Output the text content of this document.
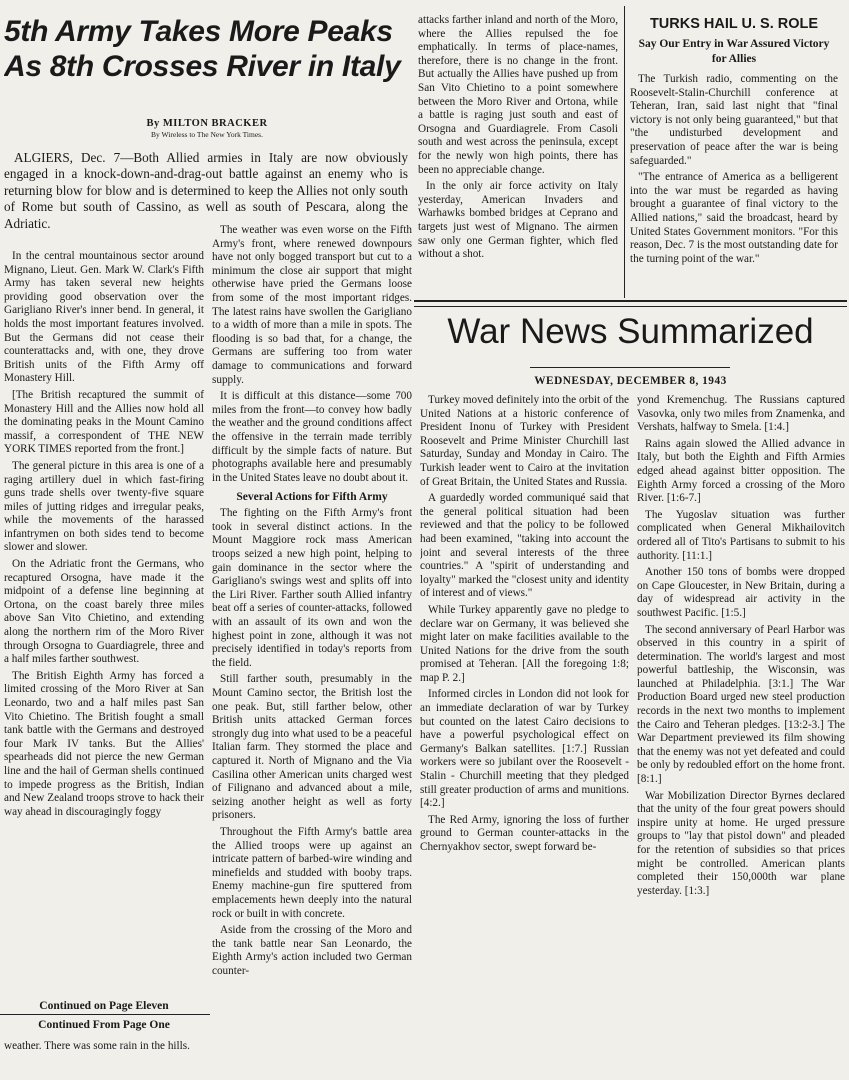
5th Army Takes More Peaks
As 8th Crosses River in Italy
By MILTON BRACKER
By Wireless to The New York Times.

ALGIERS, Dec. 7—Both Allied armies in Italy are now obviously engaged in a knock-down-and-drag-out battle against an enemy who is returning blow for blow and is determined to keep the Allies not only south of Rome but south of Cassino, as well as south of Pescara, along the Adriatic.

In the central mountainous sector around Mignano, Lieut. Gen. Mark W. Clark's Fifth Army has taken several new heights providing good observation over the Garigliano River's inner bend. In general, it holds the most important features involved. But the Germans did not cease their counterattacks and, with one, they drove British units of the Fifth Army off Monastery Hill.

[The British recaptured the summit of Monastery Hill and the Allies now hold all the dominating peaks in the Mount Camino massif, a correspondent of THE NEW YORK TIMES reported from the front.]

The general picture in this area is one of a raging artillery duel in which fast-firing guns trade shells over twenty-five square miles of jutting ridges and irregular peaks, while the movements of the harassed infantrymen on both sides tend to become slower and slower.

On the Adriatic front the Germans, who recaptured Orsogna, have made it the midpoint of a defense line beginning at Ortona, on the coast barely three miles above San Vito Chietino, and extending along the northern rim of the Moro River through Orsogna to Guardiagrele, three and a half miles farther southwest.

The British Eighth Army has forced a limited crossing of the Moro River at San Leonardo, two and a half miles past San Vito Chietino. The British fought a small tank battle with the Germans and destroyed four Mark IV tanks. But the Allies' spearheads did not pierce the new German line and the hail of German shells continued to impede progress as the British, Indian and New Zealand troops strove to hack their way ahead in discouragingly foggy

Continued on Page Eleven
Continued From Page One

weather. There was some rain in the hills.

The weather was even worse on the Fifth Army's front, where renewed downpours have not only bogged transport but cut to a minimum the close air support that might otherwise have pried the Germans loose from some of the most important ridges. The latest rains have swollen the Garigliano to a width of more than a mile in spots. The flooding is so bad that, for a change, the Germans are suffering too from water damage to communications and forward supply.

It is difficult at this distance—some 700 miles from the front—to convey how badly the weather and the ground conditions affect the offensive in the terrain made terribly difficult by the simple facts of nature. But photographs available here and presumably in the United States leave no doubt about it.

Several Actions for Fifth Army

The fighting on the Fifth Army's front took in several distinct actions. In the Mount Maggiore rock mass American troops seized a new high point, helping to gain dominance in the sector where the Garigliano's swings west and splits off into the Liri River. Farther south Allied infantry beat off a series of counter-attacks, followed with an assault of its own and won the highest point in zone, although it was not precisely identified in today's reports from the field.

Still farther south, presumably in the Mount Camino sector, the British lost the one peak. But, still farther below, other British units attacked German forces strongly dug into what used to be a peaceful Italian farm. They stormed the place and captured it. North of Mignano and the Via Casilina other American units charged west of Filignano and advanced about a mile, seizing another height as well as forty prisoners.

Throughout the Fifth Army's battle area the Allied troops were up against an intricate pattern of barbed-wire winding and minefields and studded with booby traps. Enemy machine-gun fire sputtered from emplacements hewn deeply into the natural rock or built in with concrete.

Aside from the crossing of the Moro and the tank battle near San Leonardo, the Eighth Army's action included two German counter-

attacks farther inland and north of the Moro, where the Allies repulsed the foe emphatically. In terms of place-names, therefore, there is no change in the front. But actually the Allies have pushed up from San Vito Chietino to a point somewhere between the Moro River and Ortona, while a battle is raging just south and east of Orsogna and Guardiagrele. From Casoli south and west across the peninsula, except for the newly won high points, there has been no appreciable change.

In the only air force activity on Italy yesterday, American Invaders and Warhawks bombed bridges at Ceprano and targets just west of Mignano. The airmen saw only one German fighter, which fled without a shot.

TURKS HAIL U. S. ROLE
Say Our Entry in War Assured Victory for Allies

The Turkish radio, commenting on the Roosevelt-Stalin-Churchill conference at Teheran, Iran, said last night that "final victory is not only being guaranteed," but that "the undisturbed development and preservation of peace after the war is being safeguarded."

"The entrance of America as a belligerent into the war must be regarded as having brought a guarantee of final victory to the Allied nations," said the broadcast, heard by United States Government monitors. "For this reason, Dec. 7 is the most outstanding date for the turning point of the war."

War News Summarized
WEDNESDAY, DECEMBER 8, 1943

Turkey moved definitely into the orbit of the United Nations at a historic conference of President Inonu of Turkey with President Roosevelt and Prime Minister Churchill last Saturday, Sunday and Monday in Cairo. The Turkish leader went to Cairo at the invitation of Great Britain, the United States and Russia.

A guardedly worded communiqué said that the general political situation had been reviewed and that the policy to be followed had been examined, "taking into account the joint and several interests of the three countries." A "spirit of understanding and loyalty" marked the "closest unity and identity of interest and of views."

While Turkey apparently gave no pledge to declare war on Germany, it was believed she might later on make facilities available to the United Nations for the drive from the south promised at Teheran. [All the foregoing 1:8; map P. 2.]

Informed circles in London did not look for an immediate declaration of war by Turkey but counted on the latest Cairo decisions to have a powerful psychological effect on Germany's Balkan satellites. [1:7.] Russian workers were so jubilant over the Roosevelt - Stalin - Churchill meeting that they pledged still greater production of arms and munitions. [4:2.]

The Red Army, ignoring the loss of further ground to German counter-attacks in the Chernyakhov sector, swept forward be-

yond Kremenchug. The Russians captured Vasovka, only two miles from Znamenka, and Vershats, halfway to Smela. [1:4.]

Rains again slowed the Allied advance in Italy, but both the Eighth and Fifth Armies edged ahead against bitter opposition. The Eighth Army forced a crossing of the Moro River. [1:6-7.]

The Yugoslav situation was further complicated when General Mikhailovitch ordered all of Tito's Partisans to submit to his authority. [11:1.]

Another 150 tons of bombs were dropped on Cape Gloucester, in New Britain, during a day of widespread air activity in the southwest Pacific. [1:5.]

The second anniversary of Pearl Harbor was observed in this country in a spirit of determination. The world's largest and most powerful battleship, the Wisconsin, was launched at Philadelphia. [3:1.] The War Production Board urged new steel production records in the next two months to implement the Cairo and Teheran pledges. [13:2-3.] The War Department previewed its film showing that the enemy was not yet defeated and could be only by redoubled effort on the home front. [8:1.]

War Mobilization Director Byrnes declared that the unity of the four great powers should inspire unity at home. He urged pressure groups to "lay that pistol down" and pleaded for the retention of subsidies so that prices might be controlled. American plants completed their 150,000th war plane yesterday. [1:3.]
